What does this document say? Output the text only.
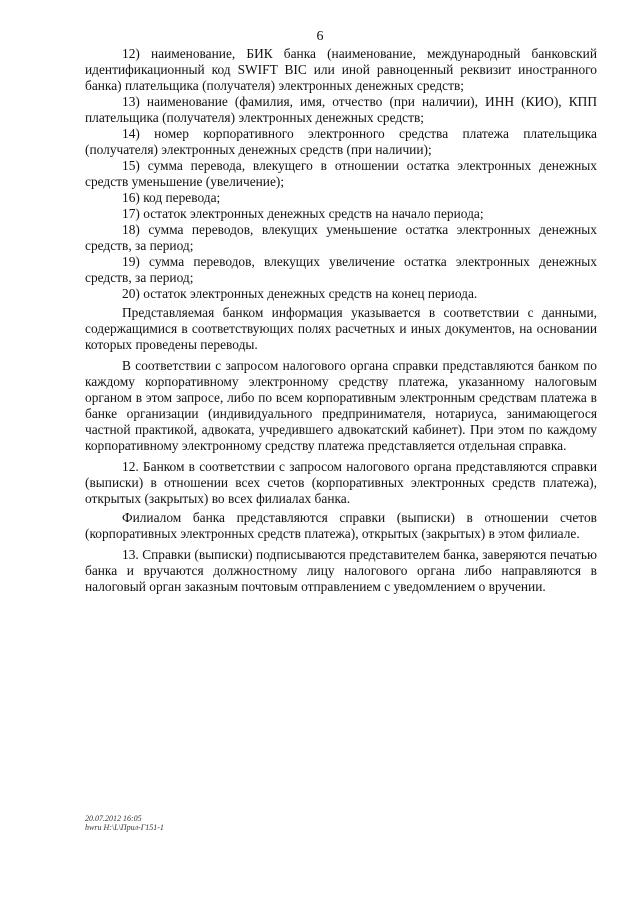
6

12) наименование, БИК банка (наименование, международный банковский идентификационный код SWIFT BIC или иной равноценный реквизит иностранного банка) плательщика (получателя) электронных денежных средств;

13) наименование (фамилия, имя, отчество (при наличии), ИНН (КИО), КПП плательщика (получателя) электронных денежных средств;

14) номер корпоративного электронного средства платежа плательщика (получателя) электронных денежных средств (при наличии);

15) сумма перевода, влекущего в отношении остатка электронных денежных средств уменьшение (увеличение);

16) код перевода;

17) остаток электронных денежных средств на начало периода;

18) сумма переводов, влекущих уменьшение остатка электронных денежных средств, за период;

19) сумма переводов, влекущих увеличение остатка электронных денежных средств, за период;

20) остаток электронных денежных средств на конец периода.

Представляемая банком информация указывается в соответствии с данными, содержащимися в соответствующих полях расчетных и иных документов, на основании которых проведены переводы.

В соответствии с запросом налогового органа справки представляются банком по каждому корпоративному электронному средству платежа, указанному налоговым органом в этом запросе, либо по всем корпоративным электронным средствам платежа в банке организации (индивидуального предпринимателя, нотариуса, занимающегося частной практикой, адвоката, учредившего адвокатский кабинет). При этом по каждому корпоративному электронному средству платежа представляется отдельная справка.

12. Банком в соответствии с запросом налогового органа представляются справки (выписки) в отношении всех счетов (корпоративных электронных средств платежа), открытых (закрытых) во всех филиалах банка.

Филиалом банка представляются справки (выписки) в отношении счетов (корпоративных электронных средств платежа), открытых (закрытых) в этом филиале.

13. Справки (выписки) подписываются представителем банка, заверяются печатью банка и вручаются должностному лицу налогового органа либо направляются в налоговый орган заказным почтовым отправлением с уведомлением о вручении.

20.07.2012 16:05
hwru Н:\L\Прил-Г151-1
